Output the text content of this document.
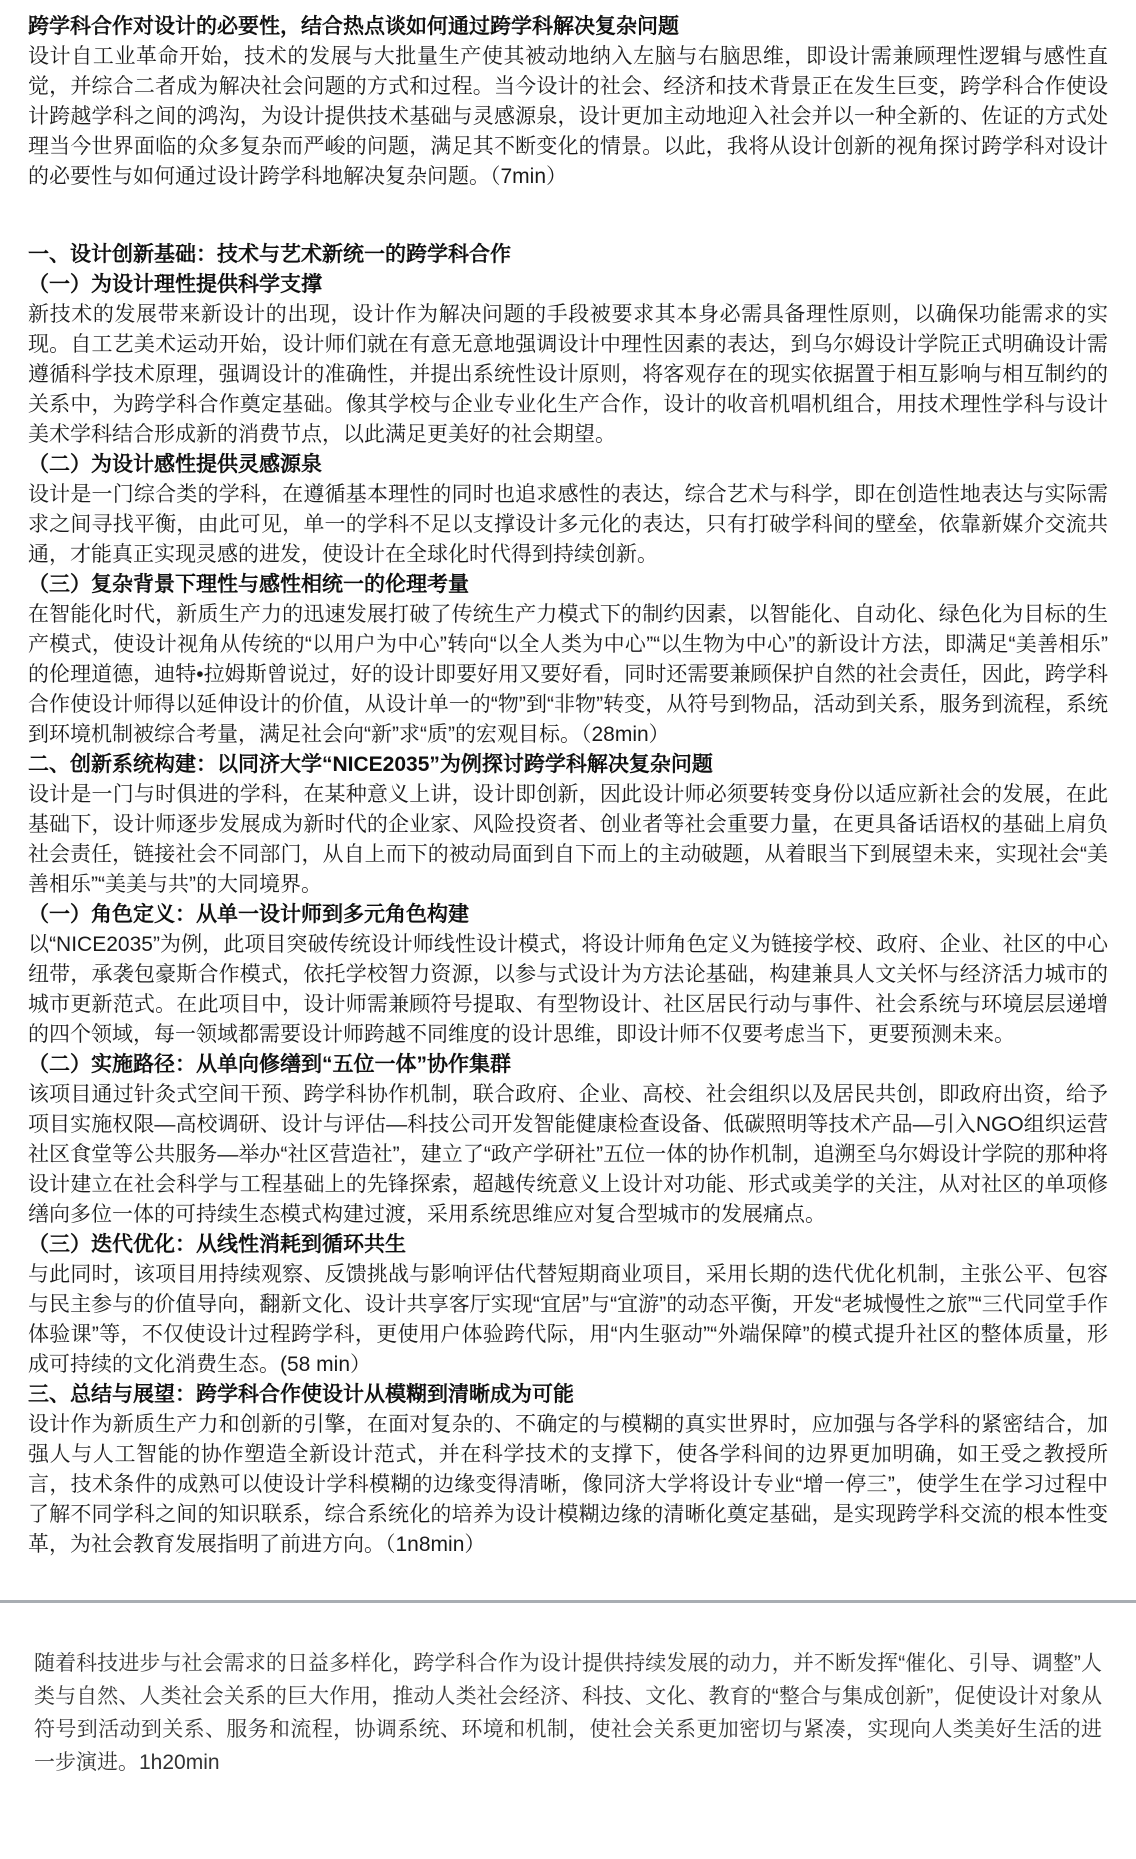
跨学科合作对设计的必要性，结合热点谈如何通过跨学科解决复杂问题

设计自工业革命开始，技术的发展与大批量生产使其被动地纳入左脑与右脑思维，即设计需兼顾理性逻辑与感性直觉，并综合二者成为解决社会问题的方式和过程。当今设计的社会、经济和技术背景正在发生巨变，跨学科合作使设计跨越学科之间的鸿沟，为设计提供技术基础与灵感源泉，设计更加主动地迎入社会并以一种全新的、佐证的方式处理当今世界面临的众多复杂而严峻的问题，满足其不断变化的情景。以此，我将从设计创新的视角探讨跨学科对设计的必要性与如何通过设计跨学科地解决复杂问题。（7min）

一、设计创新基础：技术与艺术新统一的跨学科合作
（一）为设计理性提供科学支撑

新技术的发展带来新设计的出现，设计作为解决问题的手段被要求其本身必需具备理性原则，以确保功能需求的实现。自工艺美术运动开始，设计师们就在有意无意地强调设计中理性因素的表达，到乌尔姆设计学院正式明确设计需遵循科学技术原理，强调设计的准确性，并提出系统性设计原则，将客观存在的现实依据置于相互影响与相互制约的关系中，为跨学科合作奠定基础。像其学校与企业专业化生产合作，设计的收音机唱机组合，用技术理性学科与设计美术学科结合形成新的消费节点，以此满足更美好的社会期望。

（二）为设计感性提供灵感源泉

设计是一门综合类的学科，在遵循基本理性的同时也追求感性的表达，综合艺术与科学，即在创造性地表达与实际需求之间寻找平衡，由此可见，单一的学科不足以支撑设计多元化的表达，只有打破学科间的壁垒，依靠新媒介交流共通，才能真正实现灵感的进发，使设计在全球化时代得到持续创新。

（三）复杂背景下理性与感性相统一的伦理考量

在智能化时代，新质生产力的迅速发展打破了传统生产力模式下的制约因素，以智能化、自动化、绿色化为目标的生产模式，使设计视角从传统的“以用户为中心”转向“以全人类为中心”“以生物为中心”的新设计方法，即满足“美善相乐”的伦理道德，迪特•拉姆斯曾说过，好的设计即要好用又要好看，同时还需要兼顾保护自然的社会责任，因此，跨学科合作使设计师得以延伸设计的价值，从设计单一的“物”到“非物”转变，从符号到物品，活动到关系，服务到流程，系统到环境机制被综合考量，满足社会向“新”求“质”的宏观目标。（28min）

二、创新系统构建：以同济大学“NICE2035”为例探讨跨学科解决复杂问题

设计是一门与时俱进的学科，在某种意义上讲，设计即创新，因此设计师必须要转变身份以适应新社会的发展，在此基础下，设计师逐步发展成为新时代的企业家、风险投资者、创业者等社会重要力量，在更具备话语权的基础上肩负社会责任，链接社会不同部门，从自上而下的被动局面到自下而上的主动破题，从着眼当下到展望未来，实现社会“美善相乐”“美美与共”的大同境界。

（一）角色定义：从单一设计师到多元角色构建

以“NICE2035”为例，此项目突破传统设计师线性设计模式，将设计师角色定义为链接学校、政府、企业、社区的中心纽带，承袭包豪斯合作模式，依托学校智力资源，以参与式设计为方法论基础，构建兼具人文关怀与经济活力城市的城市更新范式。在此项目中，设计师需兼顾符号提取、有型物设计、社区居民行动与事件、社会系统与环境层层递增的四个领域，每一领域都需要设计师跨越不同维度的设计思维，即设计师不仅要考虑当下，更要预测未来。

（二）实施路径：从单向修缮到“五位一体”协作集群

该项目通过针灸式空间干预、跨学科协作机制，联合政府、企业、高校、社会组织以及居民共创，即政府出资，给予项目实施权限—高校调研、设计与评估—科技公司开发智能健康检查设备、低碳照明等技术产品—引入NGO组织运营社区食堂等公共服务—举办“社区营造社”，建立了“政产学研社”五位一体的协作机制，追溯至乌尔姆设计学院的那种将设计建立在社会科学与工程基础上的先锋探索，超越传统意义上设计对功能、形式或美学的关注，从对社区的单项修缮向多位一体的可持续生态模式构建过渡，采用系统思维应对复合型城市的发展痛点。

（三）迭代优化：从线性消耗到循环共生

与此同时，该项目用持续观察、反馈挑战与影响评估代替短期商业项目，采用长期的迭代优化机制，主张公平、包容与民主参与的价值导向，翻新文化、设计共享客厅实现“宜居”与“宜游”的动态平衡，开发“老城慢性之旅”“三代同堂手作体验课”等，不仅使设计过程跨学科，更使用户体验跨代际，用“内生驱动”“外端保障”的模式提升社区的整体质量，形成可持续的文化消费生态。(58 min）

三、总结与展望：跨学科合作使设计从模糊到清晰成为可能

设计作为新质生产力和创新的引擎，在面对复杂的、不确定的与模糊的真实世界时，应加强与各学科的紧密结合，加强人与人工智能的协作塑造全新设计范式，并在科学技术的支撑下，使各学科间的边界更加明确，如王受之教授所言，技术条件的成熟可以使设计学科模糊的边缘变得清晰，像同济大学将设计专业“增一停三”，使学生在学习过程中了解不同学科之间的知识联系，综合系统化的培养为设计模糊边缘的清晰化奠定基础，是实现跨学科交流的根本性变革，为社会教育发展指明了前进方向。（1n8min）

随着科技进步与社会需求的日益多样化，跨学科合作为设计提供持续发展的动力，并不断发挥“催化、引导、调整”人类与自然、人类社会关系的巨大作用，推动人类社会经济、科技、文化、教育的“整合与集成创新”，促使设计对象从符号到活动到关系、服务和流程，协调系统、环境和机制，使社会关系更加密切与紧凑，实现向人类美好生活的进一步演进。1h20min
